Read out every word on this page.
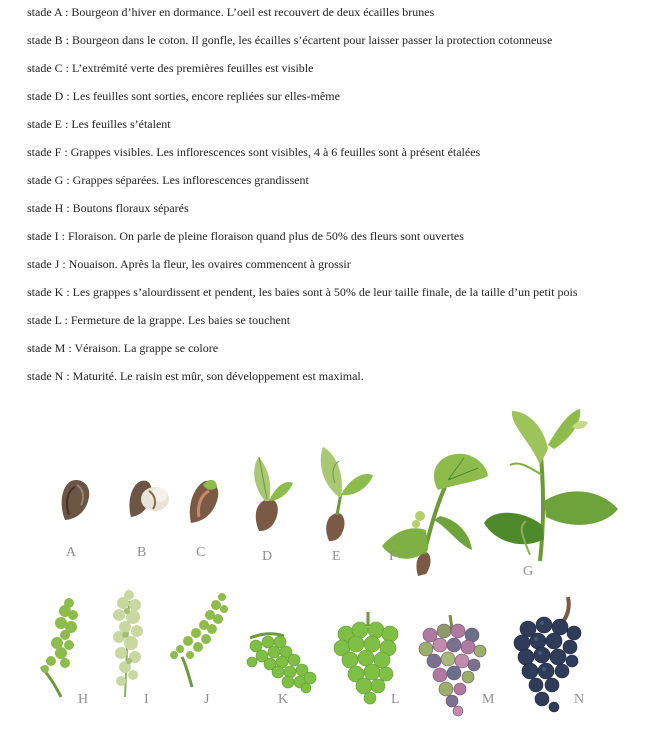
stade A : Bourgeon d’hiver en dormance. L’oeil est recouvert de deux écailles brunes
stade B : Bourgeon dans le coton. Il gonfle, les écailles s’écartent pour laisser passer la protection cotonneuse
stade C : L’extrémité verte des premières feuilles est visible
stade D : Les feuilles sont sorties, encore repliées sur elles-même
stade E : Les feuilles s’étalent
stade F : Grappes visibles. Les inflorescences sont visibles, 4 à 6 feuilles sont à présent étalées
stade G : Grappes séparées. Les inflorescences grandissent
stade H : Boutons floraux séparés
stade I : Floraison. On parle de pleine floraison quand plus de 50% des fleurs sont ouvertes
stade J : Nouaison. Après la fleur, les ovaires commencent à grossir
stade K : Les grappes s’alourdissent et pendent, les baies sont à 50% de leur taille finale, de la taille d’un petit pois
stade L : Fermeture de la grappe. Les baies se touchent
stade M : Véraison. La grappe se colore
stade N : Maturité. Le raisin est mûr, son développement est maximal.
A	B	C	D	E	F
G
H	I	J	K	L	M	N
